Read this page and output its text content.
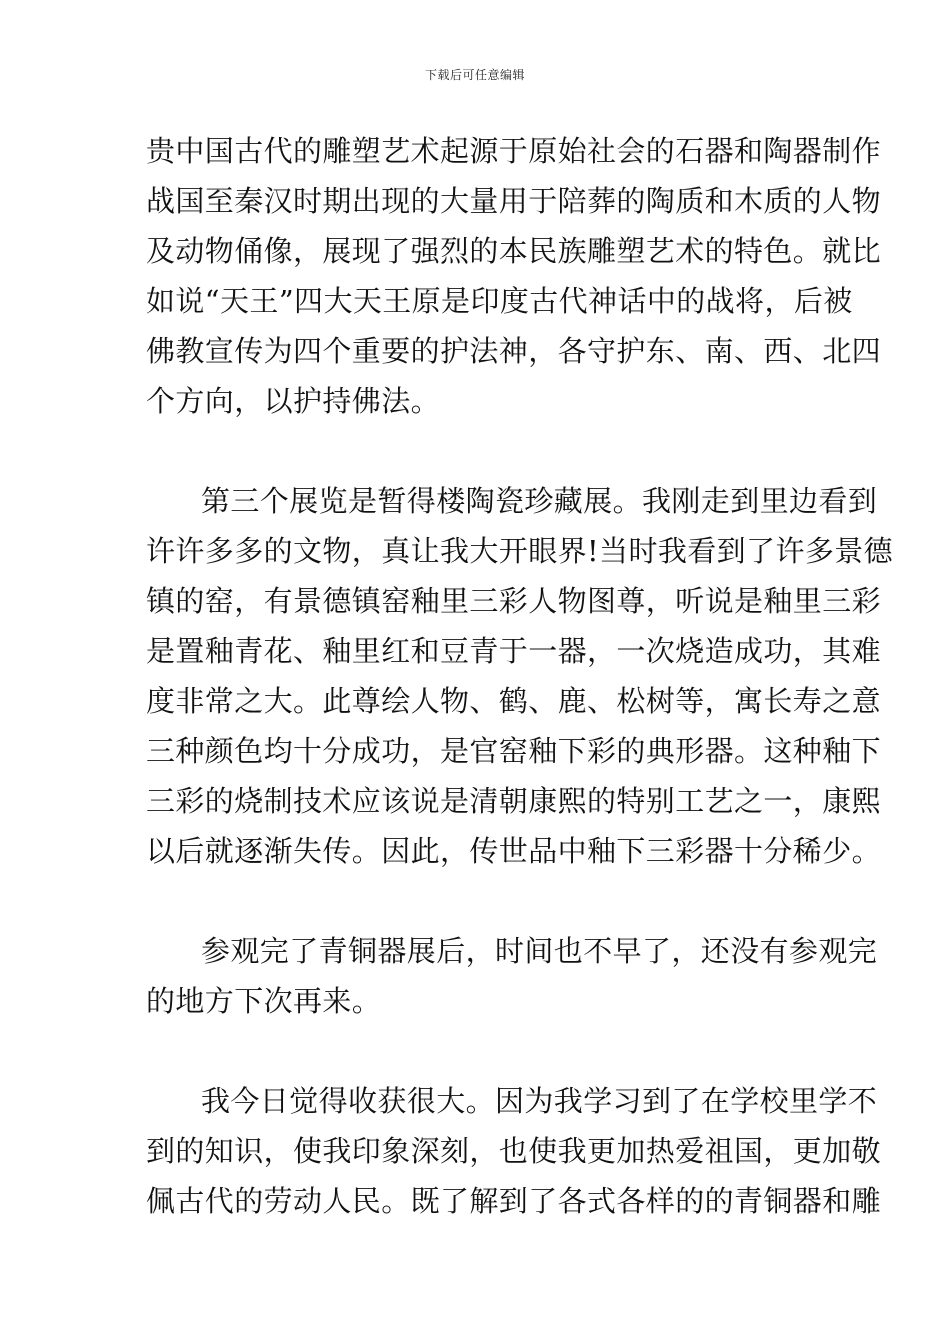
下载后可任意编辑
贵中国古代的雕塑艺术起源于原始社会的石器和陶器制作
战国至秦汉时期出现的大量用于陪葬的陶质和木质的人物
及动物俑像，展现了强烈的本民族雕塑艺术的特色。就比
如说“天王”四大天王原是印度古代神话中的战将，后被
佛教宣传为四个重要的护法神，各守护东、南、西、北四
个方向，以护持佛法。
第三个展览是暂得楼陶瓷珍藏展。我刚走到里边看到
许许多多的文物，真让我大开眼界!当时我看到了许多景德
镇的窑，有景德镇窑釉里三彩人物图尊，听说是釉里三彩
是置釉青花、釉里红和豆青于一器，一次烧造成功，其难
度非常之大。此尊绘人物、鹤、鹿、松树等，寓长寿之意
三种颜色均十分成功，是官窑釉下彩的典形器。这种釉下
三彩的烧制技术应该说是清朝康熙的特别工艺之一，康熙
以后就逐渐失传。因此，传世品中釉下三彩器十分稀少。
参观完了青铜器展后，时间也不早了，还没有参观完
的地方下次再来。
我今日觉得收获很大。因为我学习到了在学校里学不
到的知识，使我印象深刻，也使我更加热爱祖国，更加敬
佩古代的劳动人民。既了解到了各式各样的的青铜器和雕
